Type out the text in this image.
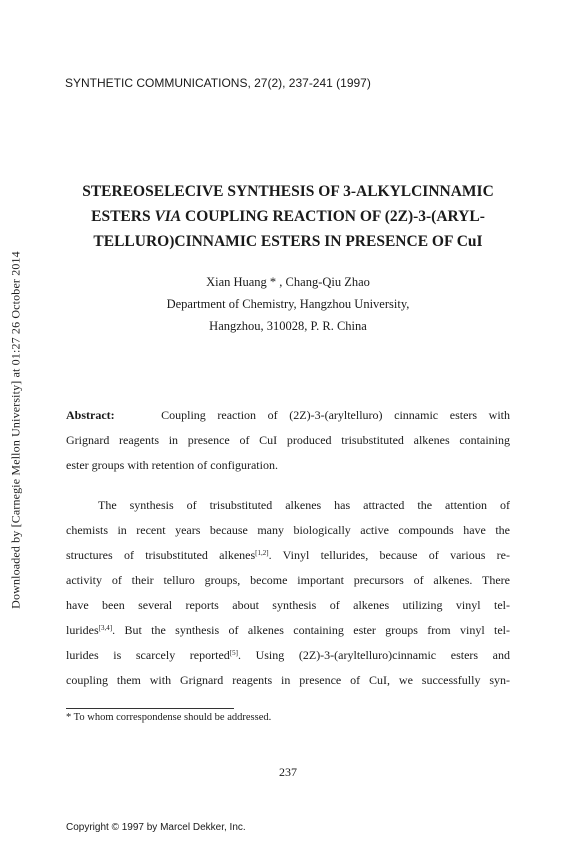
SYNTHETIC COMMUNICATIONS, 27(2), 237-241 (1997)
Downloaded by [Carnegie Mellon University] at 01:27 26 October 2014
STEREOSELECIVE SYNTHESIS OF 3-ALKYLCINNAMIC
ESTERS VIA COUPLING REACTION OF (2Z)-3-(ARYL-
TELLURO)CINNAMIC ESTERS IN PRESENCE OF CuI
Xian Huang * , Chang-Qiu Zhao
Department of Chemistry, Hangzhou University,
Hangzhou, 310028, P. R. China
Abstract:	Coupling reaction of (2Z)-3-(aryltelluro) cinnamic esters with
Grignard reagents in presence of CuI produced trisubstituted alkenes containing
ester groups with retention of configuration.
The synthesis of trisubstituted alkenes has attracted the attention of
chemists in recent years because many biologically active compounds have the
structures of trisubstituted alkenes[1,2]. Vinyl tellurides, because of various re-
activity of their telluro groups, become important precursors of alkenes. There
have been several reports about synthesis of alkenes utilizing vinyl tel-
lurides[3,4]. But the synthesis of alkenes containing ester groups from vinyl tel-
lurides is scarcely reported[5]. Using (2Z)-3-(aryltelluro)cinnamic esters and
coupling them with Grignard reagents in presence of CuI, we successfully syn-
* To whom correspondense should be addressed.
237
Copyright © 1997 by Marcel Dekker, Inc.
